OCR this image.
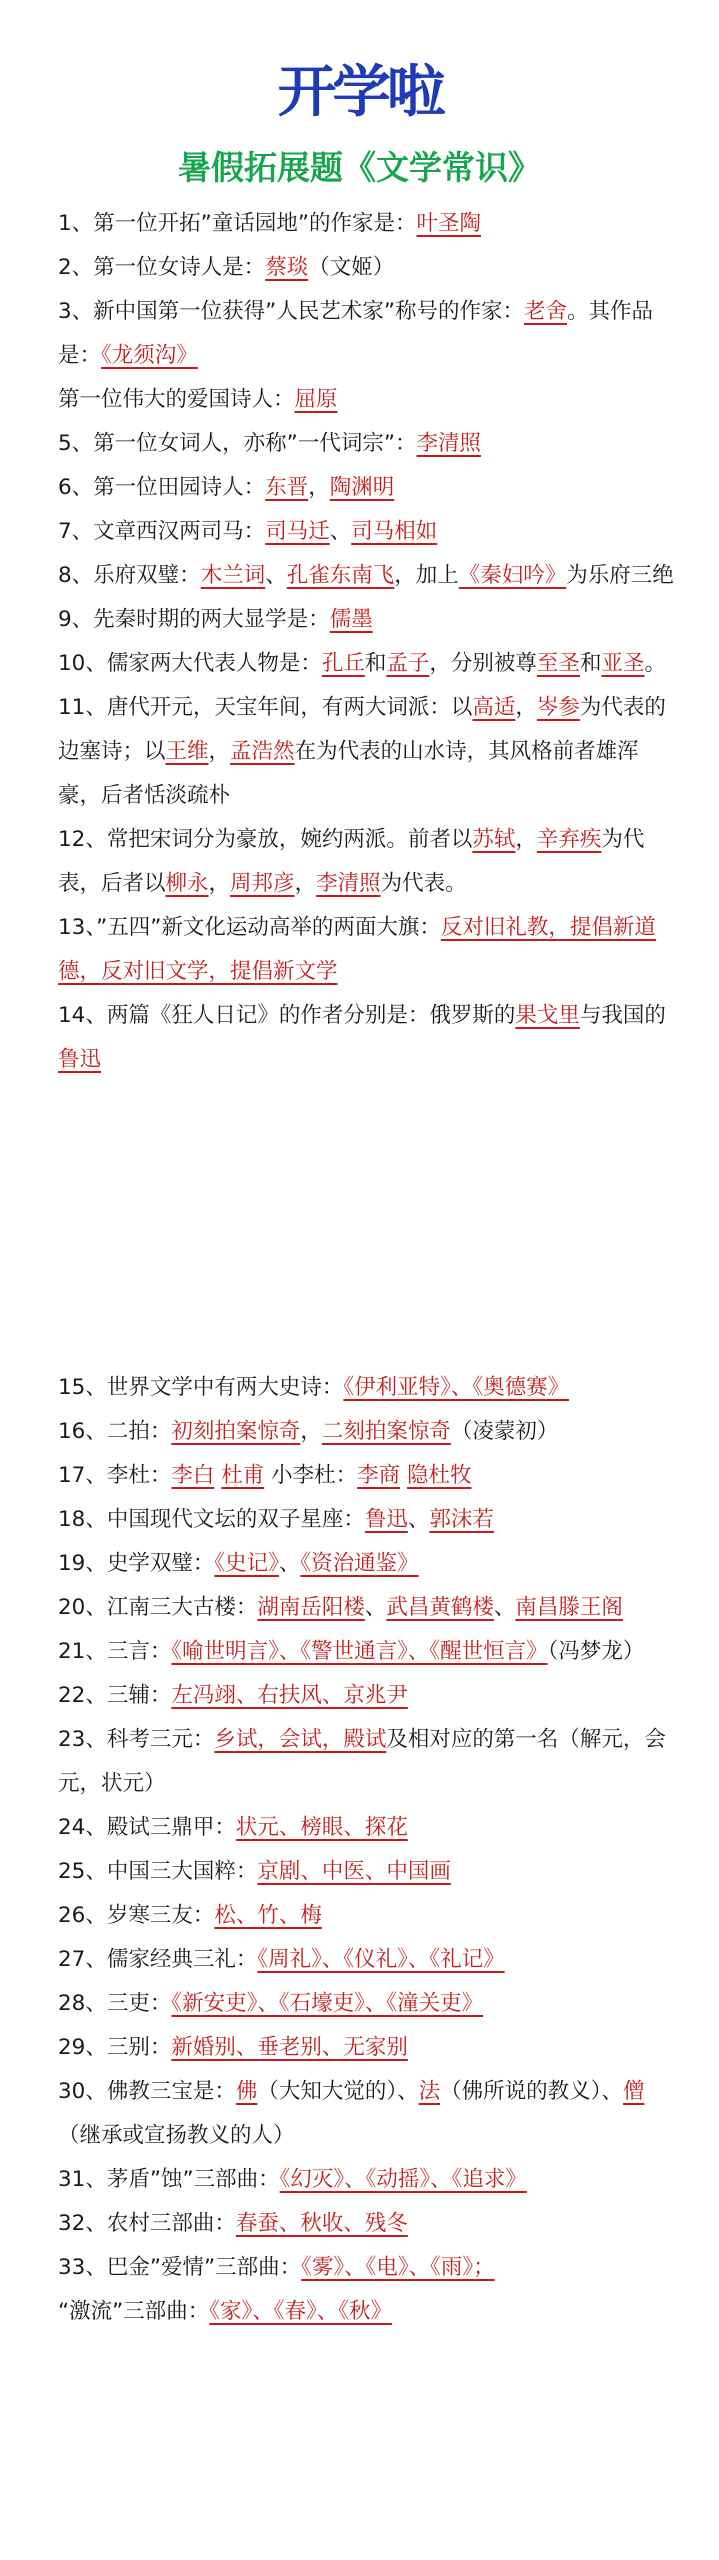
开学啦
暑假拓展题《文学常识》

1、第一位开拓”童话园地”的作家是：叶圣陶

2、第一位女诗人是：蔡琰（文姬）

3、新中国第一位获得”人民艺术家”称号的作家：老舍。其作品是：《龙须沟》

第一位伟大的爱国诗人：屈原

5、第一位女词人，亦称”一代词宗”：李清照

6、第一位田园诗人：东晋，陶渊明

7、文章西汉两司马：司马迁、司马相如

8、乐府双璧：木兰词、孔雀东南飞，加上《秦妇吟》为乐府三绝

9、先秦时期的两大显学是：儒墨

10、儒家两大代表人物是：孔丘和孟子，分别被尊至圣和亚圣。

11、唐代开元，天宝年间，有两大词派：以高适，岑参为代表的边塞诗；以王维，孟浩然在为代表的山水诗，其风格前者雄浑豪，后者恬淡疏朴

12、常把宋词分为豪放，婉约两派。前者以苏轼，辛弃疾为代表，后者以柳永，周邦彦，李清照为代表。

13、”五四”新文化运动高举的两面大旗：反对旧礼教，提倡新道德，反对旧文学，提倡新文学

14、两篇《狂人日记》的作者分别是：俄罗斯的果戈里与我国的鲁迅

15、世界文学中有两大史诗：《伊利亚特》、《奥德赛》

16、二拍：初刻拍案惊奇，二刻拍案惊奇（凌蒙初）

17、李杜：李白 杜甫 小李杜：李商 隐杜牧

18、中国现代文坛的双子星座：鲁迅、郭沫若

19、史学双璧：《史记》、《资治通鉴》

20、江南三大古楼：湖南岳阳楼、武昌黄鹤楼、南昌滕王阁

21、三言：《喻世明言》、《警世通言》、《醒世恒言》（冯梦龙）

22、三辅：左冯翊、右扶风、京兆尹

23、科考三元：乡试，会试，殿试及相对应的第一名（解元，会元，状元）

24、殿试三鼎甲：状元、榜眼、探花

25、中国三大国粹：京剧、中医、中国画

26、岁寒三友：松、竹、梅

27、儒家经典三礼：《周礼》、《仪礼》、《礼记》

28、三吏：《新安吏》、《石壕吏》、《潼关吏》

29、三别：新婚别、垂老别、无家别

30、佛教三宝是：佛（大知大觉的）、法（佛所说的教义）、僧（继承或宣扬教义的人）

31、茅盾”蚀”三部曲：《幻灭》、《动摇》、《追求》

32、农村三部曲：春蚕、秋收、残冬

33、巴金”爱情”三部曲：《雾》、《电》、《雨》；

“激流”三部曲：《家》、《春》、《秋》
